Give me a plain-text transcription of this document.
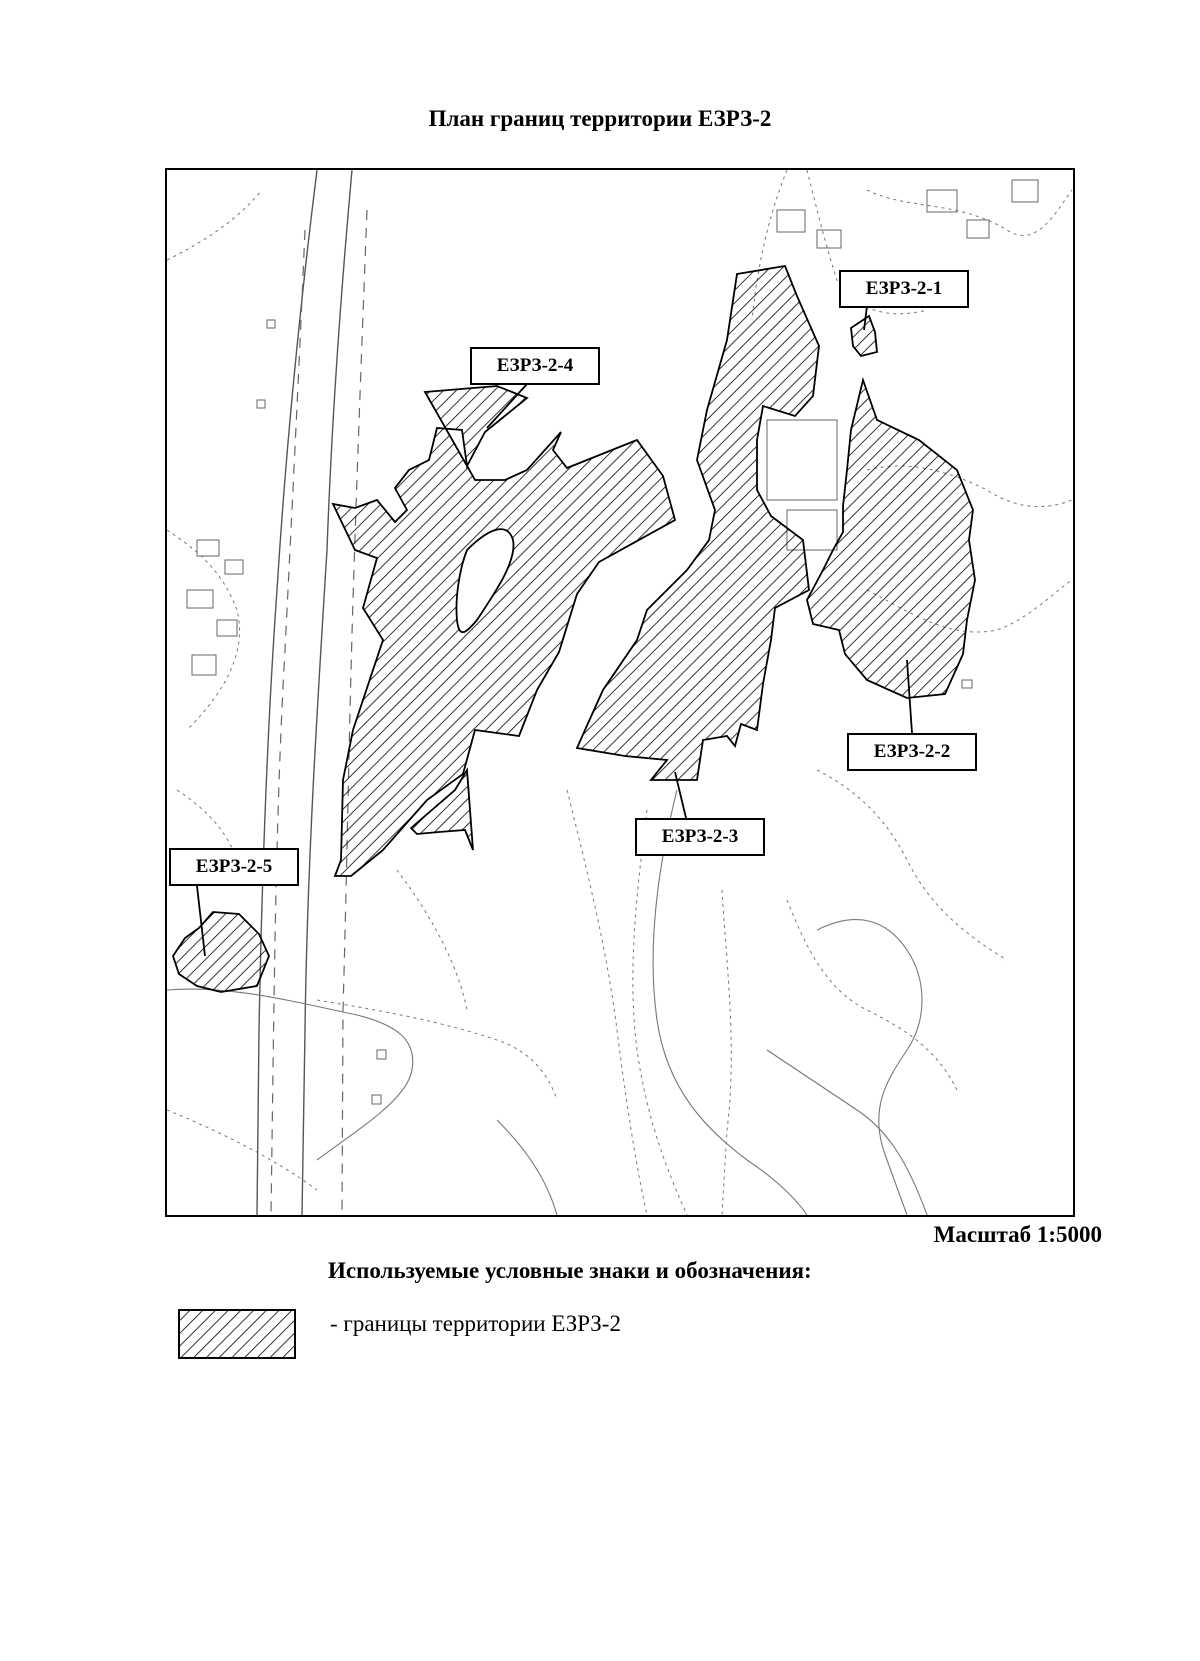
План границ территории ЕЗРЗ-2
ЕЗРЗ-2-1
ЕЗРЗ-2-2
ЕЗРЗ-2-3
ЕЗРЗ-2-4
ЕЗРЗ-2-5
Масштаб 1:5000
Используемые условные знаки и обозначения:
- границы территории ЕЗРЗ-2
